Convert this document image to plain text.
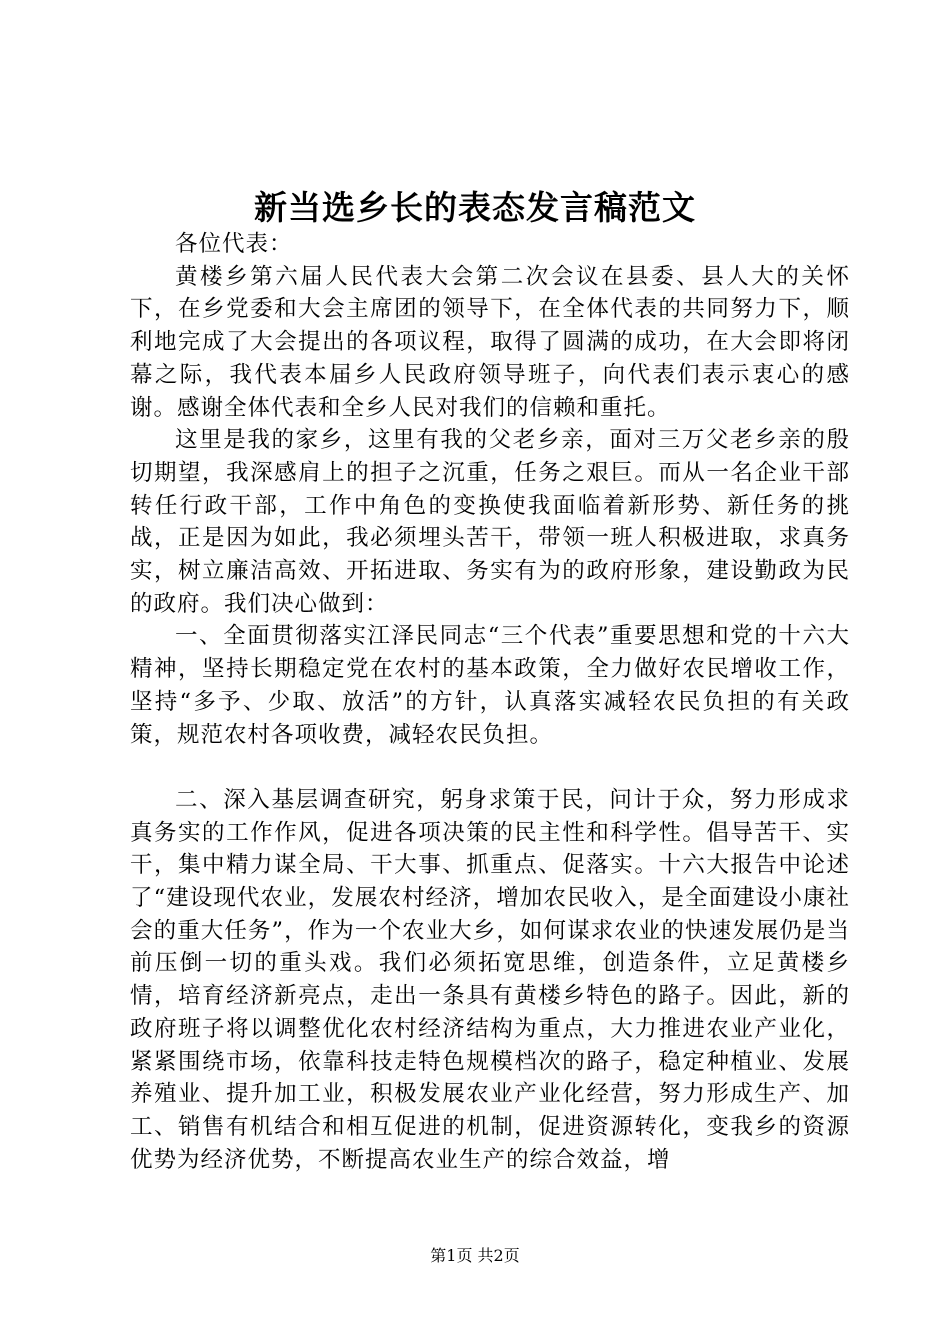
新当选乡长的表态发言稿范文

各位代表：

黄楼乡第六届人民代表大会第二次会议在县委、县人大的关怀下，在乡党委和大会主席团的领导下，在全体代表的共同努力下，顺利地完成了大会提出的各项议程，取得了圆满的成功，在大会即将闭幕之际，我代表本届乡人民政府领导班子，向代表们表示衷心的感谢。感谢全体代表和全乡人民对我们的信赖和重托。

这里是我的家乡，这里有我的父老乡亲，面对三万父老乡亲的殷切期望，我深感肩上的担子之沉重，任务之艰巨。而从一名企业干部转任行政干部，工作中角色的变换使我面临着新形势、新任务的挑战，正是因为如此，我必须埋头苦干，带领一班人积极进取，求真务实，树立廉洁高效、开拓进取、务实有为的政府形象，建设勤政为民的政府。我们决心做到：

一、全面贯彻落实江泽民同志“三个代表”重要思想和党的十六大精神，坚持长期稳定党在农村的基本政策，全力做好农民增收工作，坚持“多予、少取、放活”的方针，认真落实减轻农民负担的有关政策，规范农村各项收费，减轻农民负担。

二、深入基层调查研究，躬身求策于民，问计于众，努力形成求真务实的工作作风，促进各项决策的民主性和科学性。倡导苦干、实干，集中精力谋全局、干大事、抓重点、促落实。十六大报告中论述了“建设现代农业，发展农村经济，增加农民收入，是全面建设小康社会的重大任务”，作为一个农业大乡，如何谋求农业的快速发展仍是当前压倒一切的重头戏。我们必须拓宽思维，创造条件，立足黄楼乡情，培育经济新亮点，走出一条具有黄楼乡特色的路子。因此，新的政府班子将以调整优化农村经济结构为重点，大力推进农业产业化，紧紧围绕市场，依靠科技走特色规模档次的路子，稳定种植业、发展养殖业、提升加工业，积极发展农业产业化经营，努力形成生产、加工、销售有机结合和相互促进的机制，促进资源转化，变我乡的资源优势为经济优势，不断提高农业生产的综合效益，增

第1页 共2页
